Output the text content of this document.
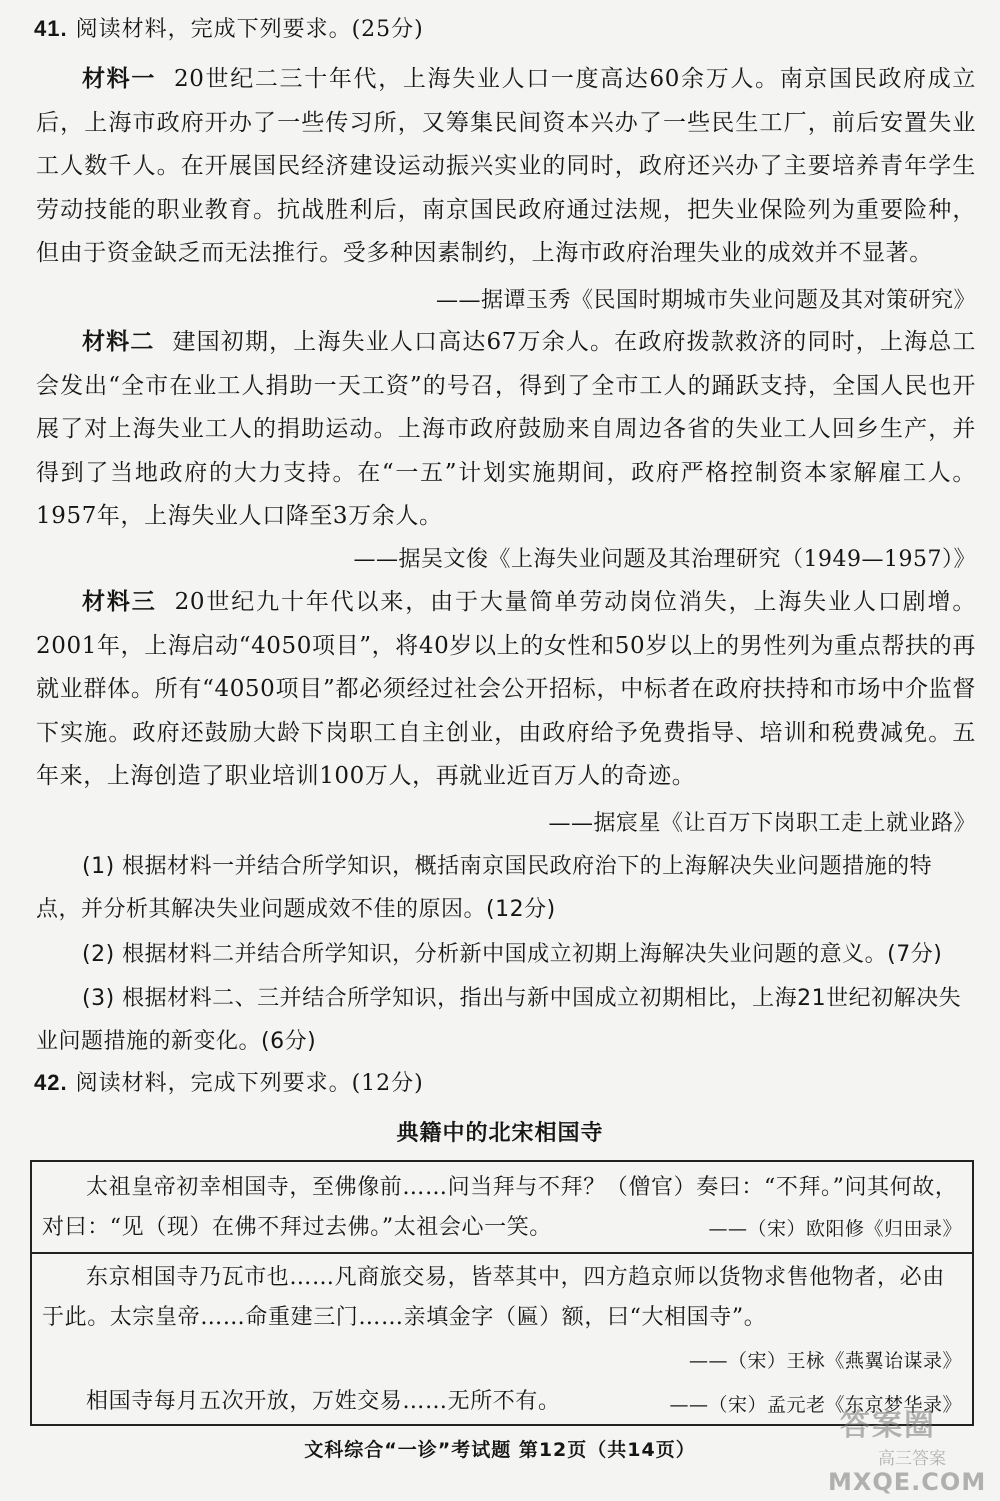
41. 阅读材料，完成下列要求。(25分)
材料一 20世纪二三十年代，上海失业人口一度高达60余万人。南京国民政府成立后，上海市政府开办了一些传习所，又筹集民间资本兴办了一些民生工厂，前后安置失业工人数千人。在开展国民经济建设运动振兴实业的同时，政府还兴办了主要培养青年学生劳动技能的职业教育。抗战胜利后，南京国民政府通过法规，把失业保险列为重要险种，但由于资金缺乏而无法推行。受多种因素制约，上海市政府治理失业的成效并不显著。
——据谭玉秀《民国时期城市失业问题及其对策研究》
材料二 建国初期，上海失业人口高达67万余人。在政府拨款救济的同时，上海总工会发出“全市在业工人捐助一天工资”的号召，得到了全市工人的踊跃支持，全国人民也开展了对上海失业工人的捐助运动。上海市政府鼓励来自周边各省的失业工人回乡生产，并得到了当地政府的大力支持。在“一五”计划实施期间，政府严格控制资本家解雇工人。1957年，上海失业人口降至3万余人。
——据吴文俊《上海失业问题及其治理研究（1949—1957）》
材料三 20世纪九十年代以来，由于大量简单劳动岗位消失，上海失业人口剧增。2001年，上海启动“4050项目”，将40岁以上的女性和50岁以上的男性列为重点帮扶的再就业群体。所有“4050项目”都必须经过社会公开招标，中标者在政府扶持和市场中介监督下实施。政府还鼓励大龄下岗职工自主创业，由政府给予免费指导、培训和税费减免。五年来，上海创造了职业培训100万人，再就业近百万人的奇迹。
——据宸星《让百万下岗职工走上就业路》
(1) 根据材料一并结合所学知识，概括南京国民政府治下的上海解决失业问题措施的特点，并分析其解决失业问题成效不佳的原因。(12分)
(2) 根据材料二并结合所学知识，分析新中国成立初期上海解决失业问题的意义。(7分)
(3) 根据材料二、三并结合所学知识，指出与新中国成立初期相比，上海21世纪初解决失业问题措施的新变化。(6分)
42. 阅读材料，完成下列要求。(12分)
典籍中的北宋相国寺
太祖皇帝初幸相国寺，至佛像前……问当拜与不拜？（僧官）奏曰：“不拜。”问其何故，对曰：“见（现）在佛不拜过去佛。”太祖会心一笑。	——（宋）欧阳修《归田录》
东京相国寺乃瓦市也……凡商旅交易，皆萃其中，四方趋京师以货物求售他物者，必由于此。太宗皇帝……命重建三门……亲填金字（匾）额，曰“大相国寺”。
——（宋）王栐《燕翼诒谋录》
相国寺每月五次开放，万姓交易……无所不有。	——（宋）孟元老《东京梦华录》
文科综合“一诊”考试题 第12页（共14页）
答案圈
高三答案
MXQE.COM
